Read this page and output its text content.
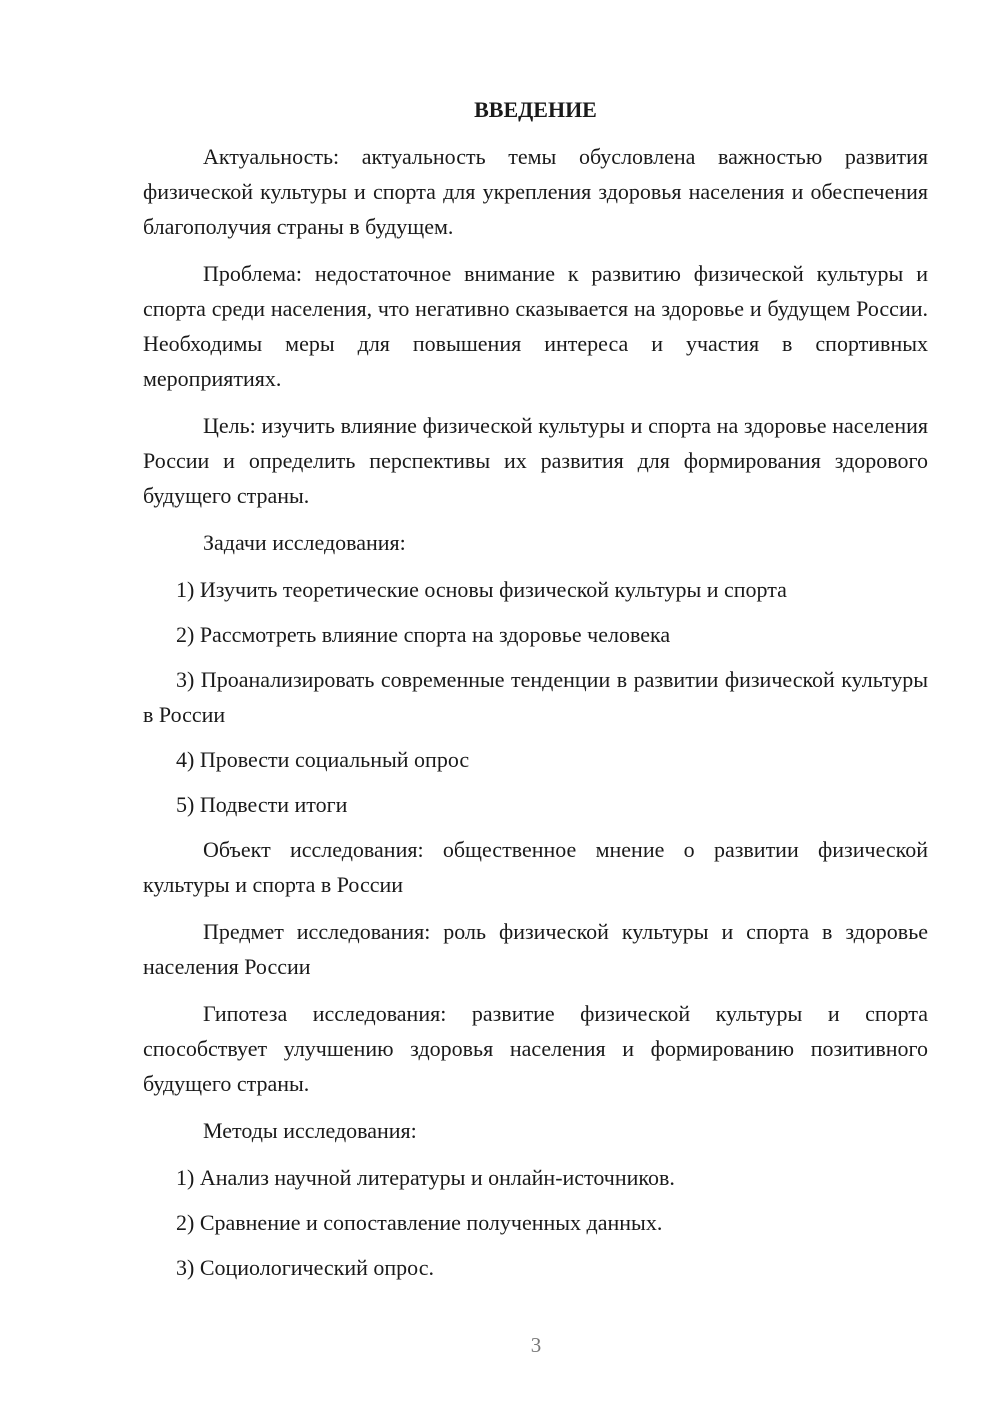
ВВЕДЕНИЕ

Актуальность: актуальность темы обусловлена важностью развития физической культуры и спорта для укрепления здоровья населения и обеспечения благополучия страны в будущем.

Проблема: недостаточное внимание к развитию физической культуры и спорта среди населения, что негативно сказывается на здоровье и будущем России. Необходимы меры для повышения интереса и участия в спортивных мероприятиях.

Цель: изучить влияние физической культуры и спорта на здоровье населения России и определить перспективы их развития для формирования здорового будущего страны.

Задачи исследования:

1) Изучить теоретические основы физической культуры и спорта

2) Рассмотреть влияние спорта на здоровье человека

3) Проанализировать современные тенденции в развитии физической культуры в России

4) Провести социальный опрос

5) Подвести итоги

Объект исследования: общественное мнение о развитии физической культуры и спорта в России

Предмет исследования: роль физической культуры и спорта в здоровье населения России

Гипотеза исследования: развитие физической культуры и спорта способствует улучшению здоровья населения и формированию позитивного будущего страны.

Методы исследования:

1) Анализ научной литературы и онлайн-источников.

2) Сравнение и сопоставление полученных данных.

3) Социологический опрос.

3
